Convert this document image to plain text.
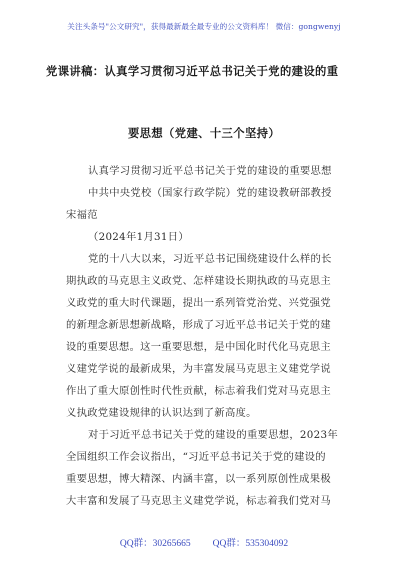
关注头条号"公文研究"，获得最新最全最专业的公文资料库！ 微信：gongwenyj
党课讲稿：认真学习贯彻习近平总书记关于党的建设的重
要思想（党建、十三个坚持）
认真学习贯彻习近平总书记关于党的建设的重要思想
中共中央党校（国家行政学院）党的建设教研部教授
宋福范
（2024年1月31日）
党的十八大以来，习近平总书记围绕建设什么样的长
期执政的马克思主义政党、怎样建设长期执政的马克思主
义政党的重大时代课题，提出一系列管党治党、兴党强党
的新理念新思想新战略，形成了习近平总书记关于党的建
设的重要思想。这一重要思想，是中国化时代化马克思主
义建党学说的最新成果，为丰富发展马克思主义建党学说
作出了重大原创性时代性贡献，标志着我们党对马克思主
义执政党建设规律的认识达到了新高度。
对于习近平总书记关于党的建设的重要思想，2023年
全国组织工作会议指出，“习近平总书记关于党的建设的
重要思想，博大精深、内涵丰富，以一系列原创性成果极
大丰富和发展了马克思主义建党学说，标志着我们党对马
QQ群：30265665 QQ群：535304092
